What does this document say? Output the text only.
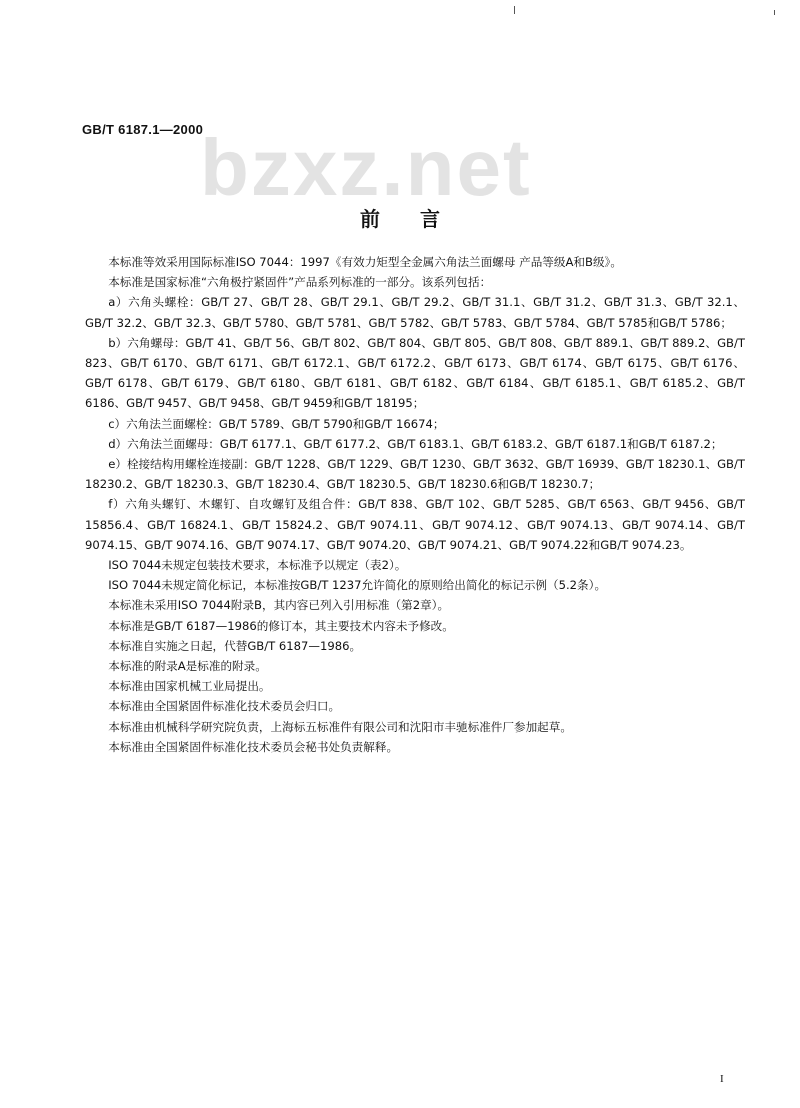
GB/T 6187.1—2000
bzxz.net
前言

本标准等效采用国际标准ISO 7044：1997《有效力矩型全金属六角法兰面螺母 产品等级A和B级》。

本标准是国家标准“六角极拧紧固件”产品系列标准的一部分。该系列包括：

a）六角头螺栓：GB/T 27、GB/T 28、GB/T 29.1、GB/T 29.2、GB/T 31.1、GB/T 31.2、GB/T 31.3、GB/T 32.1、GB/T 32.2、GB/T 32.3、GB/T 5780、GB/T 5781、GB/T 5782、GB/T 5783、GB/T 5784、GB/T 5785和GB/T 5786；

b）六角螺母：GB/T 41、GB/T 56、GB/T 802、GB/T 804、GB/T 805、GB/T 808、GB/T 889.1、GB/T 889.2、GB/T 823、GB/T 6170、GB/T 6171、GB/T 6172.1、GB/T 6172.2、GB/T 6173、GB/T 6174、GB/T 6175、GB/T 6176、GB/T 6178、GB/T 6179、GB/T 6180、GB/T 6181、GB/T 6182、GB/T 6184、GB/T 6185.1、GB/T 6185.2、GB/T 6186、GB/T 9457、GB/T 9458、GB/T 9459和GB/T 18195；

c）六角法兰面螺栓：GB/T 5789、GB/T 5790和GB/T 16674；

d）六角法兰面螺母：GB/T 6177.1、GB/T 6177.2、GB/T 6183.1、GB/T 6183.2、GB/T 6187.1和GB/T 6187.2；

e）栓接结构用螺栓连接副：GB/T 1228、GB/T 1229、GB/T 1230、GB/T 3632、GB/T 16939、GB/T 18230.1、GB/T 18230.2、GB/T 18230.3、GB/T 18230.4、GB/T 18230.5、GB/T 18230.6和GB/T 18230.7；

f）六角头螺钉、木螺钉、自攻螺钉及组合件：GB/T 838、GB/T 102、GB/T 5285、GB/T 6563、GB/T 9456、GB/T 15856.4、GB/T 16824.1、GB/T 15824.2、GB/T 9074.11、GB/T 9074.12、GB/T 9074.13、GB/T 9074.14、GB/T 9074.15、GB/T 9074.16、GB/T 9074.17、GB/T 9074.20、GB/T 9074.21、GB/T 9074.22和GB/T 9074.23。

ISO 7044未规定包装技术要求，本标准予以规定（表2）。

ISO 7044未规定简化标记，本标准按GB/T 1237允许简化的原则给出简化的标记示例（5.2条）。

本标准未采用ISO 7044附录B，其内容已列入引用标准（第2章）。

本标准是GB/T 6187—1986的修订本，其主要技术内容未予修改。

本标准自实施之日起，代替GB/T 6187—1986。

本标准的附录A是标准的附录。

本标准由国家机械工业局提出。

本标准由全国紧固件标准化技术委员会归口。

本标准由机械科学研究院负责，上海标五标准件有限公司和沈阳市丰驰标准件厂参加起草。

本标准由全国紧固件标准化技术委员会秘书处负责解释。

I
